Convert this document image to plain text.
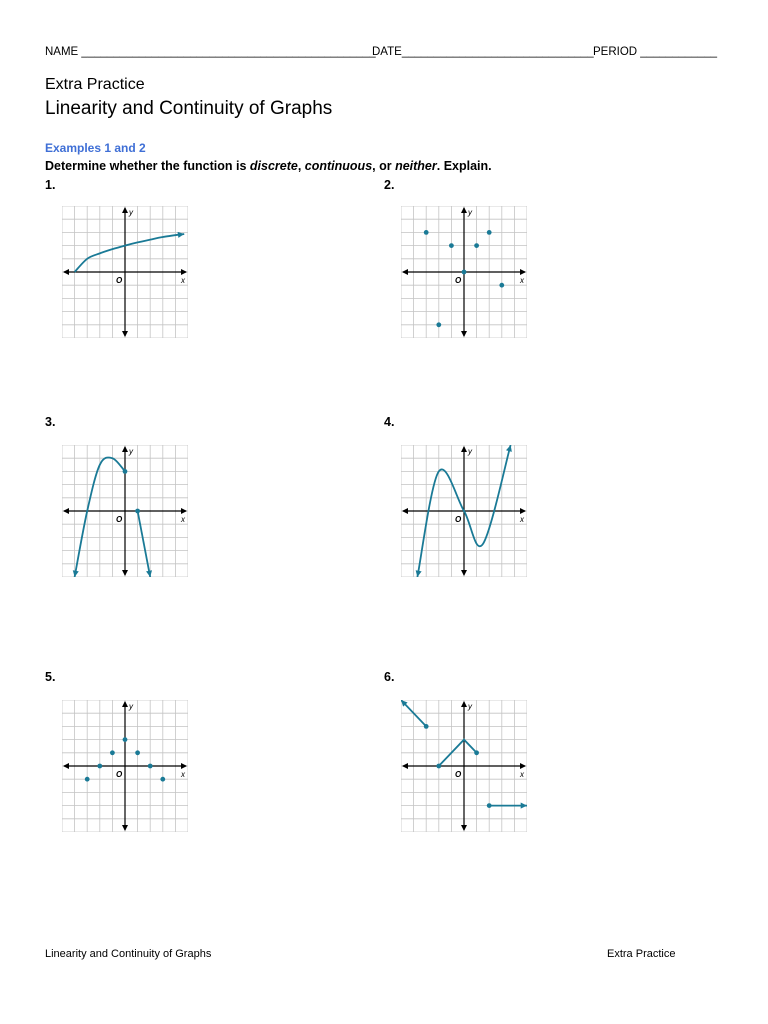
NAME ______________________________________________
DATE______________________________ PERIOD ____________
Extra Practice
Linearity and Continuity of Graphs
Examples 1 and 2
Determine whether the function is discrete, continuous, or neither. Explain.
1.	2.
3.	4.
5.	6.
x
y
O	x
y
O
x
y
O	x
y
O
x
y
O	x
y
O
Linearity and Continuity of Graphs	Extra Practice
